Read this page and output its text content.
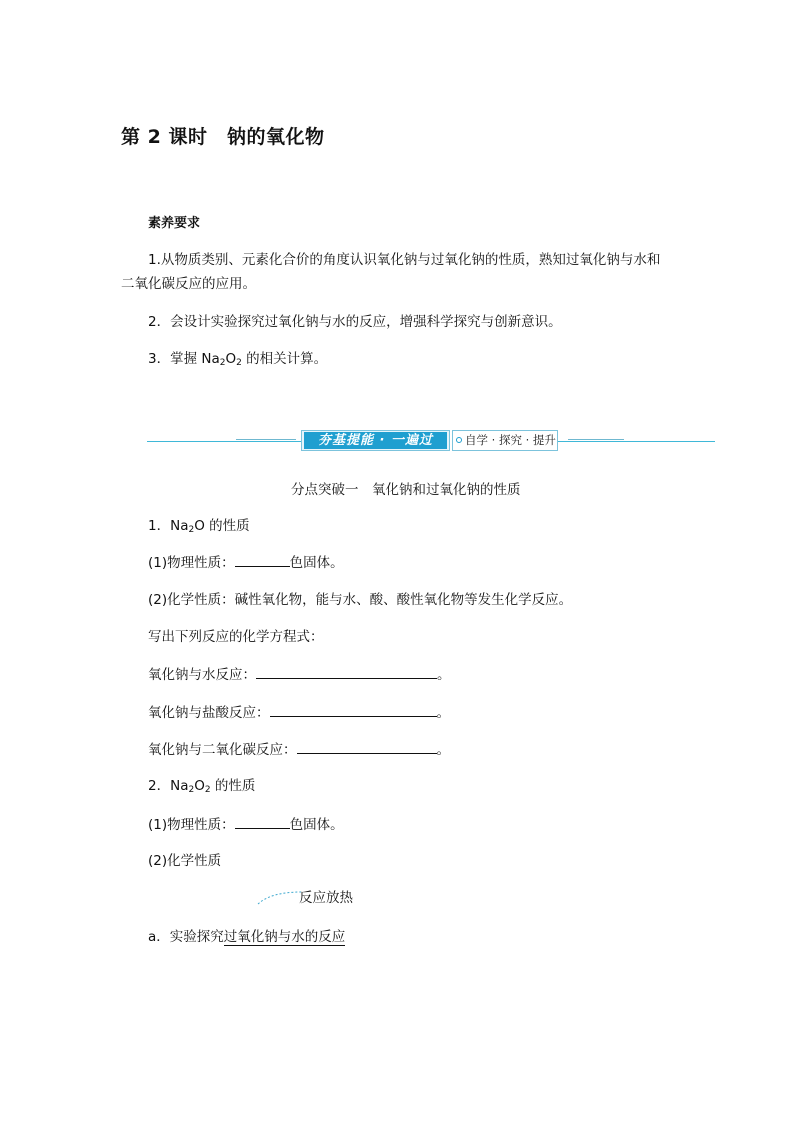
第 2 课时　钠的氧化物
素养要求
1.从物质类别、元素化合价的角度认识氧化钠与过氧化钠的性质，熟知过氧化钠与水和
二氧化碳反应的应用。
2．会设计实验探究过氧化钠与水的反应，增强科学探究与创新意识。
3．掌握 $Na_2O_2$ 的相关计算。
夯基提能 · 一遍过	自学 · 探究 · 提升
分点突破一　氧化钠和过氧化钠的性质
1．$Na_2O$ 的性质
(1)物理性质：	色固体。
(2)化学性质：碱性氧化物，能与水、酸、酸性氧化物等发生化学反应。
写出下列反应的化学方程式：
氧化钠与水反应：	。
氧化钠与盐酸反应：	。
氧化钠与二氧化碳反应：	。
2．$Na_2O_2$ 的性质
(1)物理性质：	色固体。
(2)化学性质
反应放热
a．实验探究过氧化钠与水的反应
